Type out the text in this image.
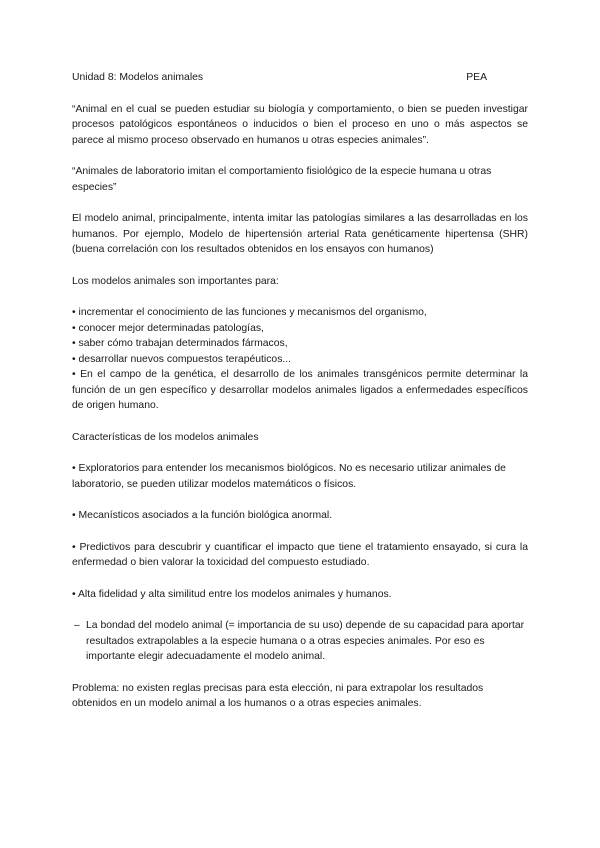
Unidad 8: Modelos animales	PEA

“Animal en el cual se pueden estudiar su biología y comportamiento, o bien se pueden investigar procesos patológicos espontáneos o inducidos o bien el proceso en uno o más aspectos se parece al mismo proceso observado en humanos u otras especies animales”.

“Animales de laboratorio imitan el comportamiento fisiológico de la especie humana u otras especies”

El modelo animal, principalmente, intenta imitar las patologías similares a las desarrolladas en los humanos. Por ejemplo, Modelo de hipertensión arterial Rata genéticamente hipertensa (SHR) (buena correlación con los resultados obtenidos en los ensayos con humanos)

Los modelos animales son importantes para:

• incrementar el conocimiento de las funciones y mecanismos del organismo,
• conocer mejor determinadas patologías,
• saber cómo trabajan determinados fármacos,
• desarrollar nuevos compuestos terapéuticos...
• En el campo de la genética, el desarrollo de los animales transgénicos permite determinar la función de un gen específico y desarrollar modelos animales ligados a enfermedades específicos de origen humano.

Características de los modelos animales

• Exploratorios para entender los mecanismos biológicos. No es necesario utilizar animales de laboratorio, se pueden utilizar modelos matemáticos o físicos.

• Mecanísticos asociados a la función biológica anormal.

• Predictivos para descubrir y cuantificar el impacto que tiene el tratamiento ensayado, si cura la enfermedad o bien valorar la toxicidad del compuesto estudiado.

• Alta fidelidad y alta similitud entre los modelos animales y humanos.

– La bondad del modelo animal (= importancia de su uso) depende de su capacidad para aportar resultados extrapolables a la especie humana o a otras especies animales. Por eso es importante elegir adecuadamente el modelo animal.

Problema: no existen reglas precisas para esta elección, ni para extrapolar los resultados obtenidos en un modelo animal a los humanos o a otras especies animales.
